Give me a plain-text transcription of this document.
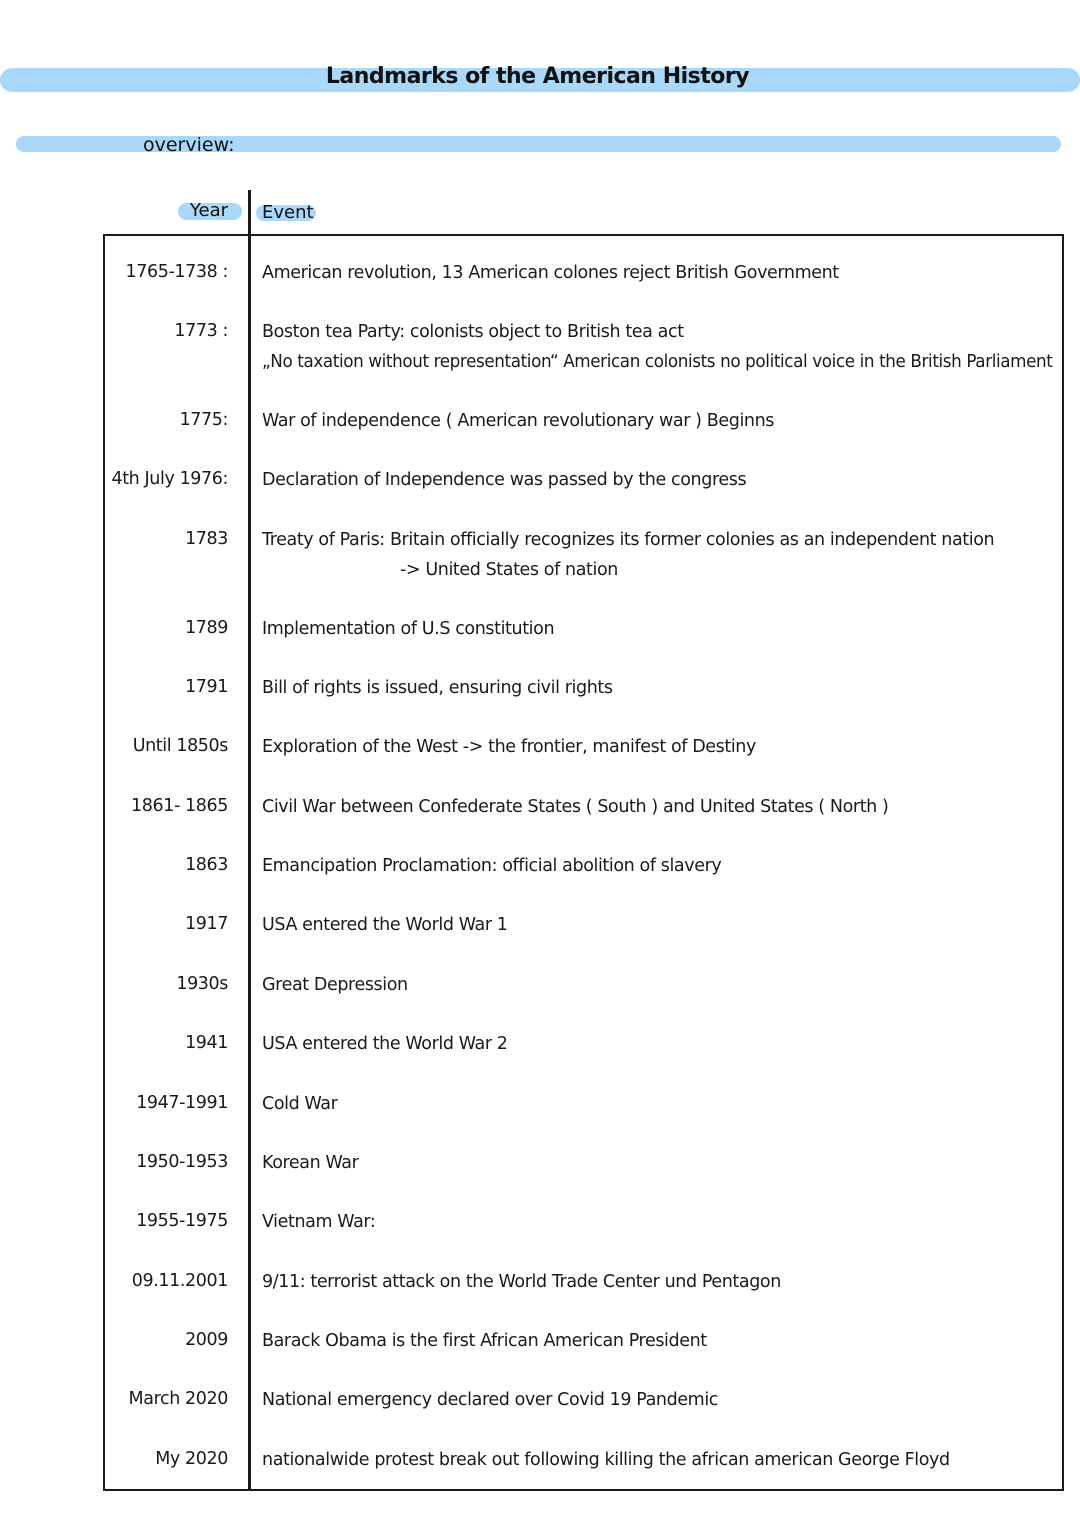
Landmarks of the American History
overview:
Year Event
1765-1738 : American revolution, 13 American colones reject British Government
1773 : Boston tea Party: colonists object to British tea act
„No taxation without representation“ American colonists no political voice in the British Parliament
1775: War of independence ( American revolutionary war ) Beginns
4th July 1976: Declaration of Independence was passed by the congress
1783 Treaty of Paris: Britain officially recognizes its former colonies as an independent nation
-> United States of nation
1789 Implementation of U.S constitution
1791 Bill of rights is issued, ensuring civil rights
Until 1850s Exploration of the West -> the frontier, manifest of Destiny
1861- 1865 Civil War between Confederate States ( South ) and United States ( North )
1863 Emancipation Proclamation: official abolition of slavery
1917 USA entered the World War 1
1930s Great Depression
1941 USA entered the World War 2
1947-1991 Cold War
1950-1953 Korean War
1955-1975 Vietnam War:
09.11.2001 9/11: terrorist attack on the World Trade Center und Pentagon
2009 Barack Obama is the first African American President
March 2020 National emergency declared over Covid 19 Pandemic
My 2020 nationalwide protest break out following killing the african american George Floyd
